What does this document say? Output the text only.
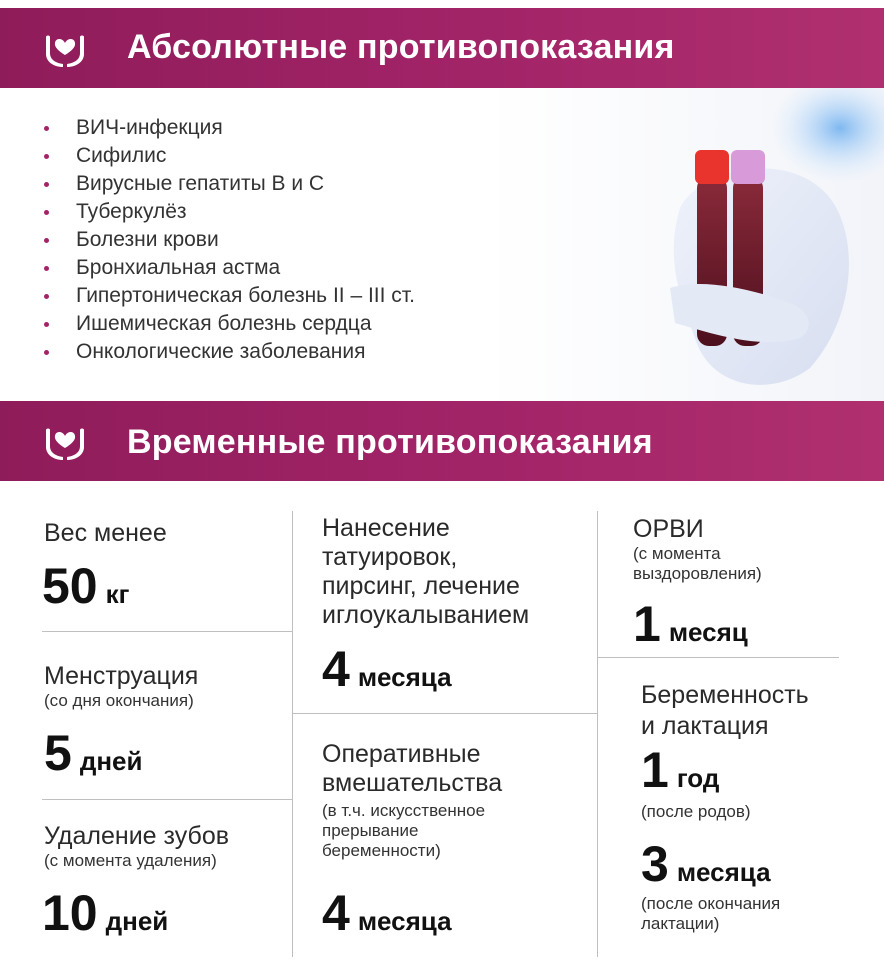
Абсолютные противопоказания
ВИЧ-инфекция
Сифилис
Вирусные гепатиты В и С
Туберкулёз
Болезни крови
Бронхиальная астма
Гипертоническая болезнь II – III ст.
Ишемическая болезнь сердца
Онкологические заболевания
Временные противопоказания
Вес менее
50 кг
Менструация
(со дня окончания)
5 дней
Удаление зубов
(с момента удаления)
10 дней
Нанесение
татуировок,
пирсинг, лечение
иглоукалыванием
4 месяца
Оперативные
вмешательства
(в т.ч. искусственное
прерывание
беременности)
4 месяца
ОРВИ
(с момента
выздоровления)
1 месяц
Беременность
и лактация
1 год
(после родов)
3 месяца
(после окончания
лактации)
